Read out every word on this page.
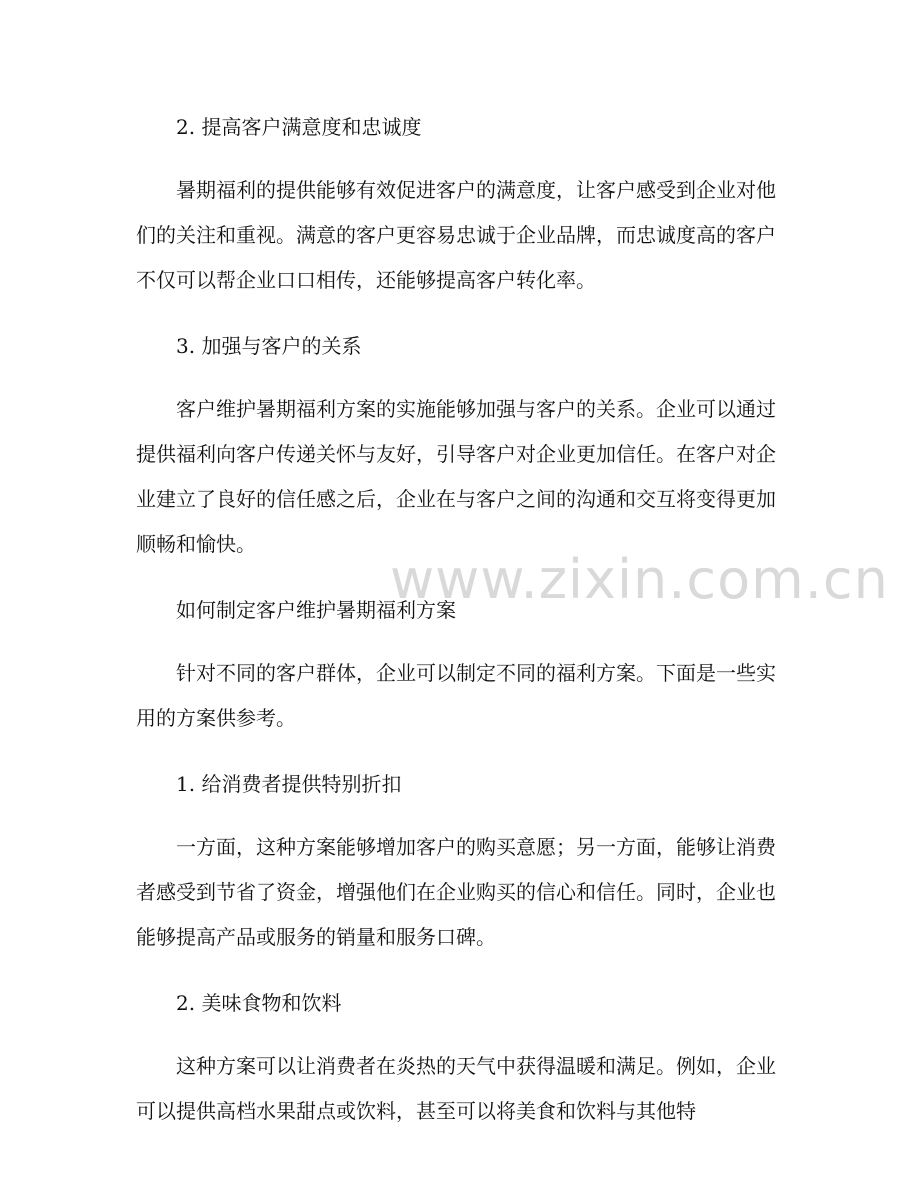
www.zixin.com.cn

2. 提高客户满意度和忠诚度

暑期福利的提供能够有效促进客户的满意度，让客户感受到企业对他们的关注和重视。满意的客户更容易忠诚于企业品牌，而忠诚度高的客户不仅可以帮企业口口相传，还能够提高客户转化率。

3. 加强与客户的关系

客户维护暑期福利方案的实施能够加强与客户的关系。企业可以通过提供福利向客户传递关怀与友好，引导客户对企业更加信任。在客户对企业建立了良好的信任感之后，企业在与客户之间的沟通和交互将变得更加顺畅和愉快。

如何制定客户维护暑期福利方案

针对不同的客户群体，企业可以制定不同的福利方案。下面是一些实用的方案供参考。

1. 给消费者提供特别折扣

一方面，这种方案能够增加客户的购买意愿；另一方面，能够让消费者感受到节省了资金，增强他们在企业购买的信心和信任。同时，企业也能够提高产品或服务的销量和服务口碑。

2. 美味食物和饮料

这种方案可以让消费者在炎热的天气中获得温暖和满足。例如，企业可以提供高档水果甜点或饮料，甚至可以将美食和饮料与其他特
